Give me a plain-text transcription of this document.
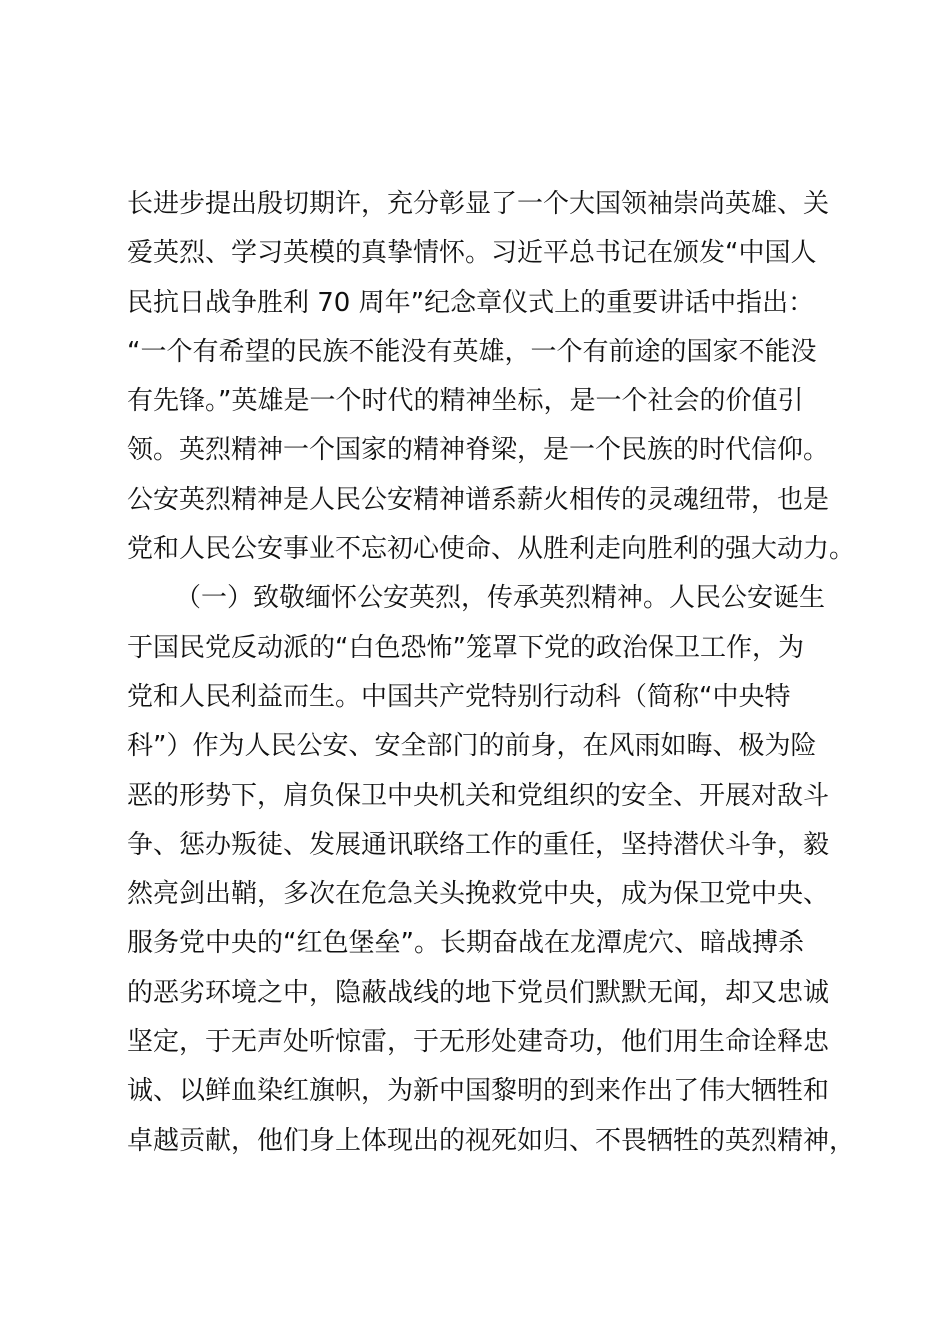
长进步提出殷切期许，充分彰显了一个大国领袖崇尚英雄、关
爱英烈、学习英模的真挚情怀。习近平总书记在颁发“中国人
民抗日战争胜利 70 周年”纪念章仪式上的重要讲话中指出：
“一个有希望的民族不能没有英雄，一个有前途的国家不能没
有先锋。”英雄是一个时代的精神坐标，是一个社会的价值引
领。英烈精神一个国家的精神脊梁，是一个民族的时代信仰。
公安英烈精神是人民公安精神谱系薪火相传的灵魂纽带，也是
党和人民公安事业不忘初心使命、从胜利走向胜利的强大动力。
（一）致敬缅怀公安英烈，传承英烈精神。人民公安诞生
于国民党反动派的“白色恐怖”笼罩下党的政治保卫工作，为
党和人民利益而生。中国共产党特别行动科（简称“中央特
科”）作为人民公安、安全部门的前身，在风雨如晦、极为险
恶的形势下，肩负保卫中央机关和党组织的安全、开展对敌斗
争、惩办叛徒、发展通讯联络工作的重任，坚持潜伏斗争，毅
然亮剑出鞘，多次在危急关头挽救党中央，成为保卫党中央、
服务党中央的“红色堡垒”。长期奋战在龙潭虎穴、暗战搏杀
的恶劣环境之中，隐蔽战线的地下党员们默默无闻，却又忠诚
坚定，于无声处听惊雷，于无形处建奇功，他们用生命诠释忠
诚、以鲜血染红旗帜，为新中国黎明的到来作出了伟大牺牲和
卓越贡献，他们身上体现出的视死如归、不畏牺牲的英烈精神，
